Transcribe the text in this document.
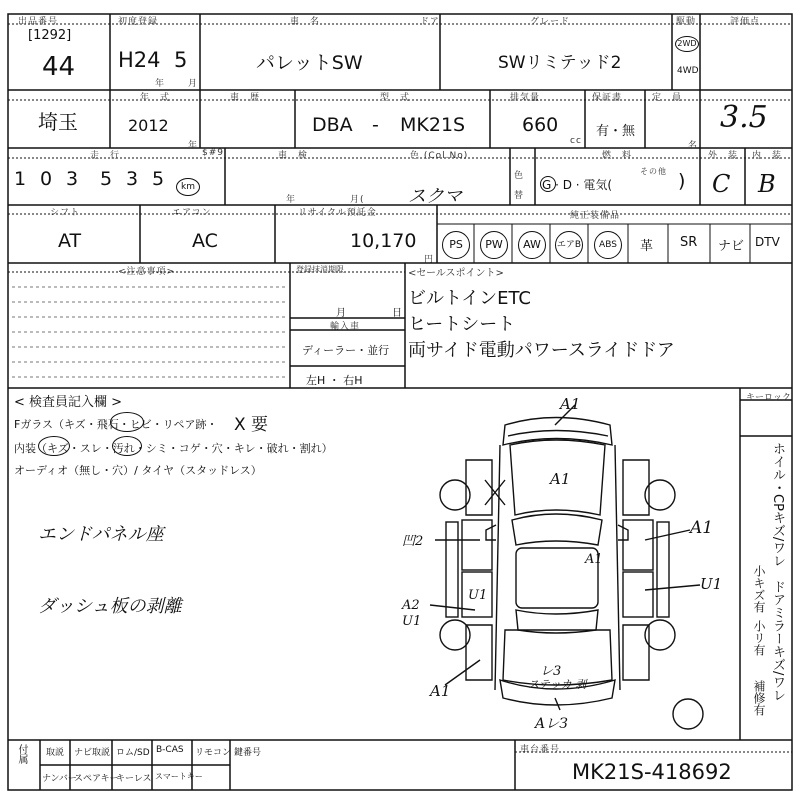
出品番号
[1292]
44
初度登録
H24 5
年	月
車　名	ドア
パレットSW
グレード
SWリミテッド2
駆動
2WD
4WD
評価点
3.5
埼玉
年　式
2012
年
車　歴	型　式
DBA - MK21S
排気量
660
cc
保証書
有・無
定　員
名
走　行
1 0 3 5 3 5	km
$#9	車　検
年	月(
色 (Col.No)
スクマ
色
替
燃　料
G · D · 電気(
その他 )
外　装 内　装
C B
シフト
AT
エアコン
AC
リサイクル預託金
10,170
円
純正装備品
PS	PW	AW	エアB	ABS	革 SR ナビ DTV
<注意事項>	登録抹消期限
月	日
輸入車
ディーラー・並行
左H ・ 右H
<セールスポイント>
ビルトインETC
ヒートシート
両サイド電動パワースライドドア
< 検査員記入欄 >
Fガラス（キズ・飛石・ヒビ・リペア跡・ X 要
内装（キズ・スレ・汚れ・シミ・コゲ・穴・キレ・破れ・割れ）
オーディオ（無し・穴）/ タイヤ（スタッドレス）
エンドパネル座
ダッシュ板の剥離
A1
A1
A1
A1
U1
凹2
A2
U1
U1
レ3
ステッカ 剥
A1
AレЗ
キーロック
ホイル・CPキズ/ワレ
小キズ有 ドアミラーキズ/ワレ
小リ有
補修有
付属 取説 ナビ取説 ロム/SD B-CAS リモコン 鍵番号
ナンバー
スペアキー
キーレス スマートキー
車台番号
MK21S-418692
